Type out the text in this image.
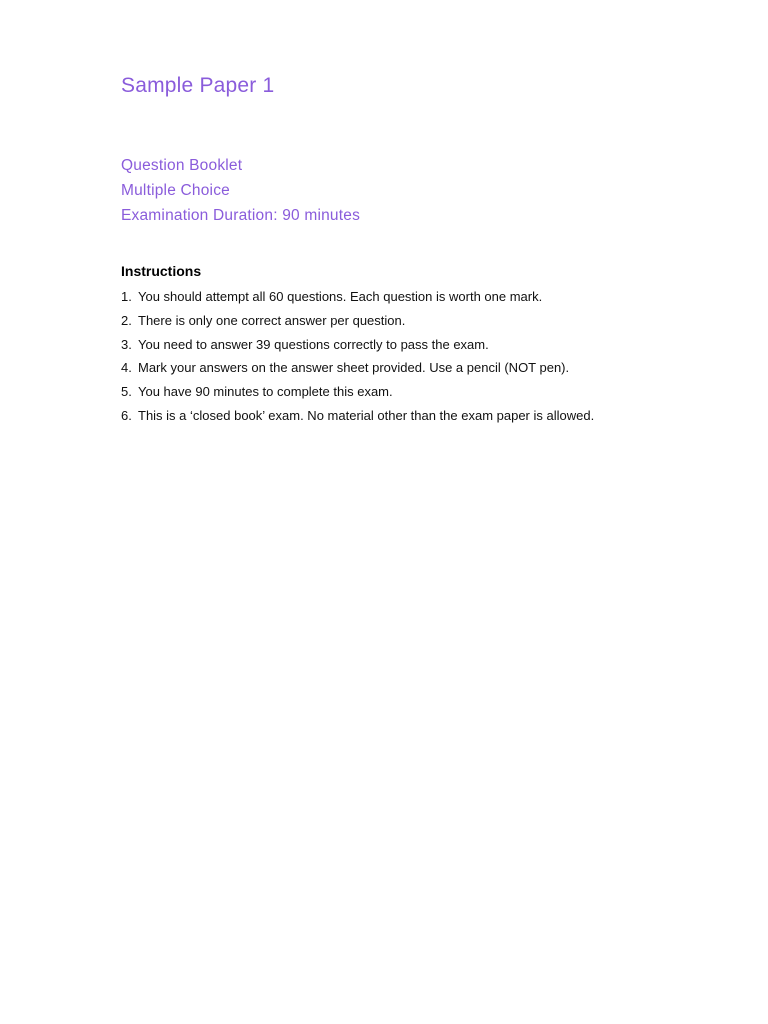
Sample Paper 1
Question Booklet
Multiple Choice
Examination Duration: 90 minutes
Instructions
1. You should attempt all 60 questions. Each question is worth one mark.
2. There is only one correct answer per question.
3. You need to answer 39 questions correctly to pass the exam.
4. Mark your answers on the answer sheet provided. Use a pencil (NOT pen).
5. You have 90 minutes to complete this exam.
6. This is a ‘closed book’ exam. No material other than the exam paper is allowed.
